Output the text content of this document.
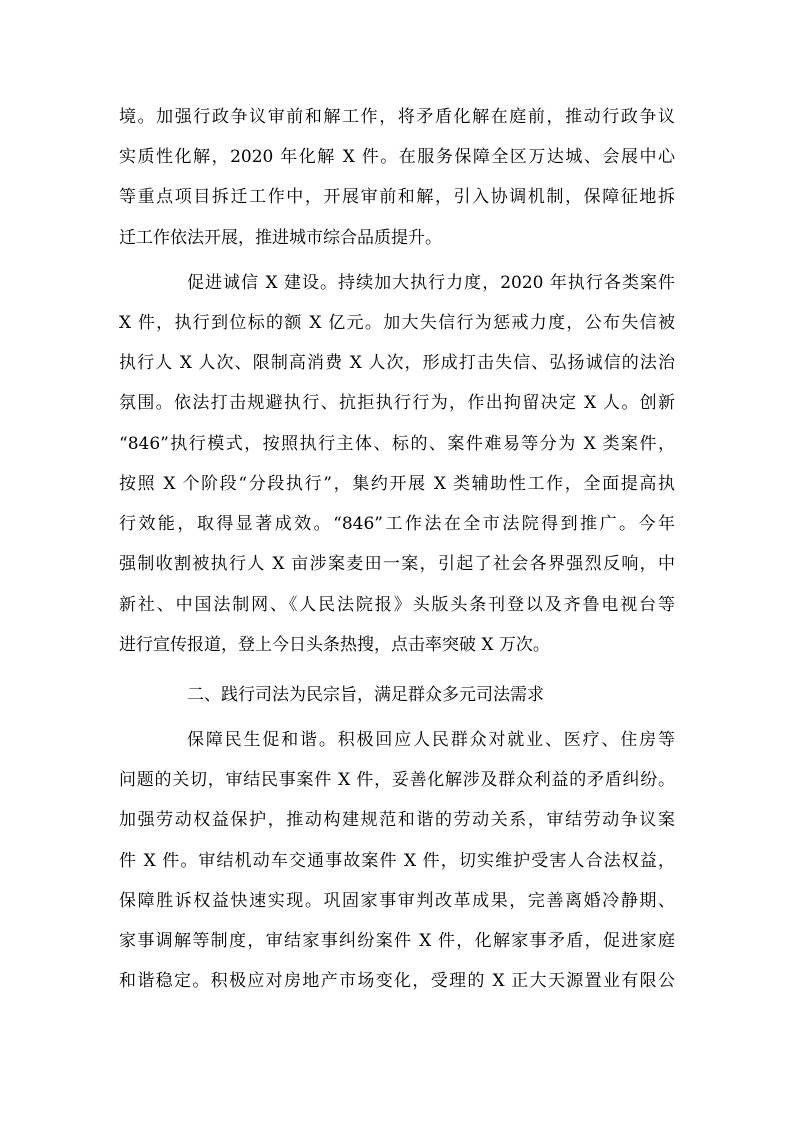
境。加强行政争议审前和解工作，将矛盾化解在庭前，推动行政争议
实质性化解，2020 年化解 X 件。在服务保障全区万达城、会展中心
等重点项目拆迁工作中，开展审前和解，引入协调机制，保障征地拆
迁工作依法开展，推进城市综合品质提升。
促进诚信 X 建设。持续加大执行力度，2020 年执行各类案件
X 件，执行到位标的额 X 亿元。加大失信行为惩戒力度，公布失信被
执行人 X 人次、限制高消费 X 人次，形成打击失信、弘扬诚信的法治
氛围。依法打击规避执行、抗拒执行行为，作出拘留决定 X 人。创新
“846”执行模式，按照执行主体、标的、案件难易等分为 X 类案件，
按照 X 个阶段“分段执行”，集约开展 X 类辅助性工作，全面提高执
行效能，取得显著成效。“846”工作法在全市法院得到推广。今年
强制收割被执行人 X 亩涉案麦田一案，引起了社会各界强烈反响，中
新社、中国法制网、《人民法院报》头版头条刊登以及齐鲁电视台等
进行宣传报道，登上今日头条热搜，点击率突破 X 万次。
二、践行司法为民宗旨，满足群众多元司法需求
保障民生促和谐。积极回应人民群众对就业、医疗、住房等
问题的关切，审结民事案件 X 件，妥善化解涉及群众利益的矛盾纠纷。
加强劳动权益保护，推动构建规范和谐的劳动关系，审结劳动争议案
件 X 件。审结机动车交通事故案件 X 件，切实维护受害人合法权益，
保障胜诉权益快速实现。巩固家事审判改革成果，完善离婚冷静期、
家事调解等制度，审结家事纠纷案件 X 件，化解家事矛盾，促进家庭
和谐稳定。积极应对房地产市场变化，受理的 X 正大天源置业有限公
